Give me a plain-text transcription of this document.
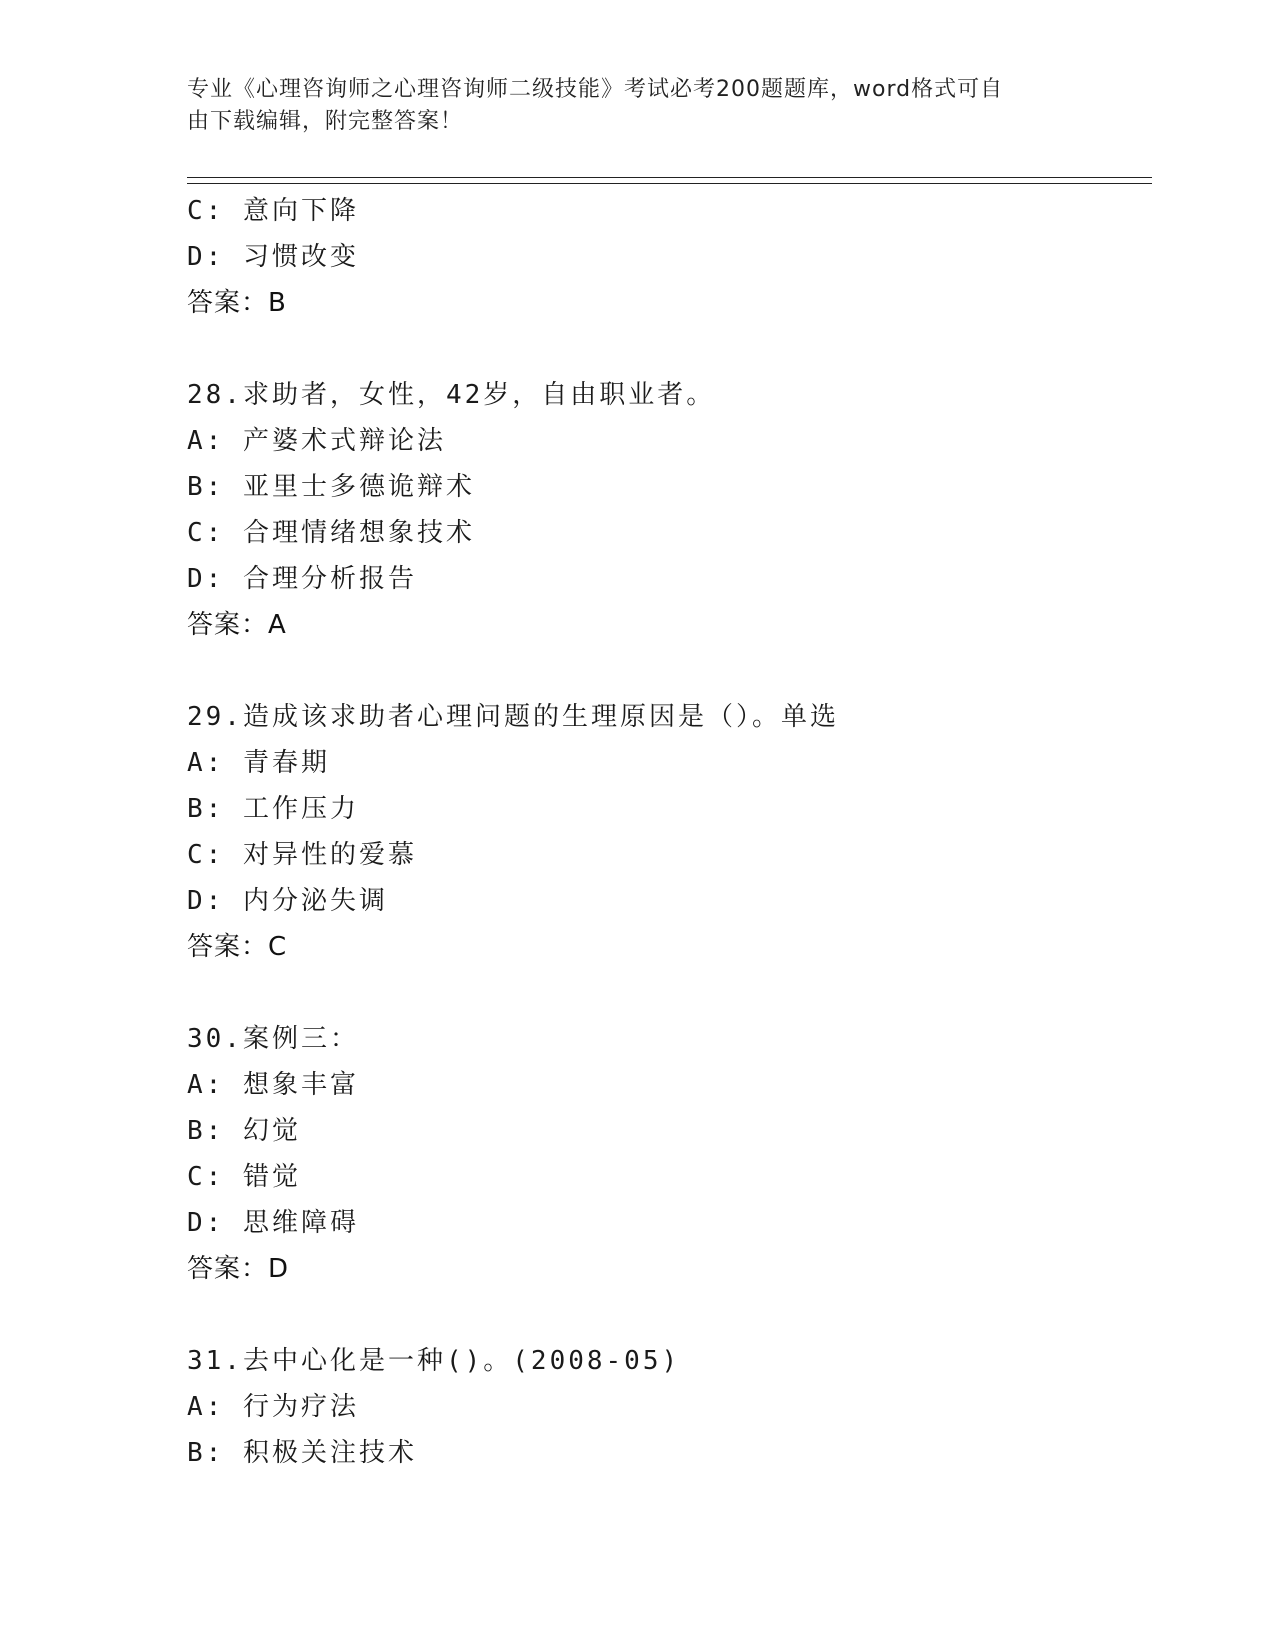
专业《心理咨询师之心理咨询师二级技能》考试必考200题题库，word格式可自
由下载编辑，附完整答案！
C: 意向下降
D: 习惯改变
答案：B
28.求助者，女性，42岁，自由职业者。
A: 产婆术式辩论法
B: 亚里士多德诡辩术
C: 合理情绪想象技术
D: 合理分析报告
答案：A
29.造成该求助者心理问题的生理原因是（）。单选
A: 青春期
B: 工作压力
C: 对异性的爱慕
D: 内分泌失调
答案：C
30.案例三：
A: 想象丰富
B: 幻觉
C: 错觉
D: 思维障碍
答案：D
31.去中心化是一种()。(2008-05)
A: 行为疗法
B: 积极关注技术
